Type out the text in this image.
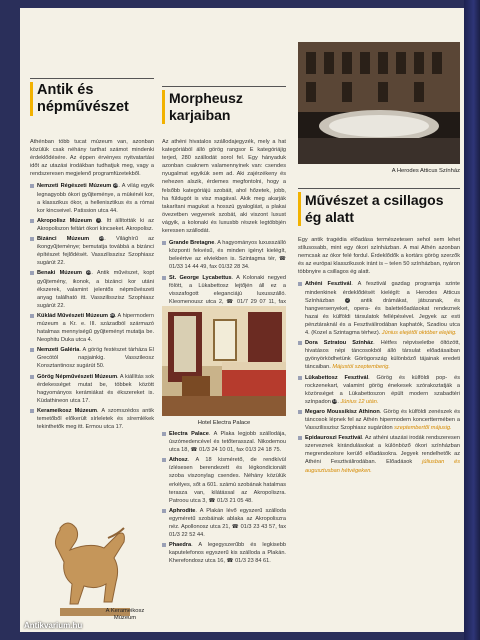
Antik és
népművészet

Athénban több tucat múzeum van, azonban közülük csak néhány tarthat számot mindenki érdeklődésére. Az éppen érvényes nyitvatartási időt az utazási irodákban tudhatjuk meg, vagy a rendszeresen megjelenő programfüzetekből.

Nemzeti Régészeti Múzeum 25. A világ egyik legnagyobb ókori gyűjteménye, a mükénéi kor, a klasszikus ókor, a hellenisztikus és a római kor kincseivel. Patission utca 44.
Akropolisz Múzeum 3. Itt állították ki az Akropoliszon feltárt ókori kincseket. Akropolisz.
Bizánci Múzeum	24. Világhírű az ikongyűjteménye; bemutatja továbbá a bizánci építészet fejlődését. Vasszilisszisz Szophiasz sugárút 22.
Benaki Múzeum 23. Antik művészet, kopt gyűjtemény, ikonok, a bizánci kor utáni ékszerek, valamint jelentős népművészeti anyag található itt. Vasszilisszisz Szophiasz sugárút 22.
Küklád Művészeti Múzeum 26. A hipermodern múzeum a Kr. e. III. századból származó hatalmas mennyiségű gyűjteményt mutatja be. Neophitu Duka utca 4.
Nemzeti Galéria. A görög festészet tárháza El Grecótól napjainkig. Vasszileosz Konsztantinosz sugárút 50.
Görög Népművészeti Múzeum. A kiállítás sok érdekességet mutat be, többek között hagyományos kerámiákat és ékszereket is. Küdathineon utca 17.
Kerameikosz Múzeum. A szomszédos antik temetőből előkerült sírleletek és síremlékek tekinthetők meg itt. Ermou utca 17.
A Kerameikosz
Múzeum
Morpheusz karjaiban

Az athéni hivatalos szállodajegyzék, mely a hat kategóriából álló görög rangsor E kategóriájig terjed, 280 szállodát sorol fel. Egy hányaduk azonban csaknem valamennyinek van: csendes nyugalmat egyikük sem ad. Aki zajérzékeny és nehezen alszik, érdemes megfontolni, hogy a felsőbb kategóriájú szobáit, ahol hőzetek, jobb, ha füldugót is visz magával. Akik meg akarják takarítani magukat a hosszú gyaloglást, a plakai övezetben vegyenek szobát, aki viszont luxust vágyik, a kolonaki és luxusbb részek legtöbbjén keressen szállodát.

Grande Bretagne. A hagyományos luxusszálló központi fekvésű, és minden igényt kielégít, beleértve az elviekben is. Szintagma tér, ☎ 01/33 14 44 49, fax 01/32 28 34.
St. George Lycabettus. A Kolonaki negyed fölött, a Lükabettosz lejtőjén áll ez a visszafogott eleganciájú luxusszálló. Kleomenousz utca 2, ☎ 01/7 29 07 11, fax
Hotel Electra Palace
Electra Palace. A Plaka legjobb szállodája, úszómedencével és tetőterasszal. Nikodemou utca 18, ☎ 01/3 24 10 01, fax 01/3 24 18 75.
Athosz. A 18 kismérető, de rendkívül ízlésesen berendezett és légkondicionált szoba viszonylag csendes. Néhány közülük erkélyes, sőt a 601. számú szobának hatalmas terasza van, kilátással az Akropoliszra. Patroou utca 3, ☎ 01/3 21 05 48.
Aphrodite. A Plakán lévő egyszerű szálloda egyméretű szobáinak ablaka az Akropoliszra néz. Apollonosz utca 21, ☎ 01/3 23 43 57, fax 01/3 22 52 44.
Phaedra. A legegyszerűbb és legkisebb kaputelefonos egyszerű kis szálloda a Plakán. Kherefondosz utca 16, ☎ 01/3 23 84 61.
A Herodes Atticus Színház
Művészet a csillagos
ég alatt

Egy antik tragédia előadása természetesen sehol sem lehet stílusosabb, mint egy ókori színházban. A mai Athén azonban nemcsak az ókor felé fordul. Érdeklődők a kortárs görög szerzők és az európai klasszikusok iránt is – telen 50 színházban, nyáron többnyire a csillagos ég alatt.

Athéni Fesztivál. A fesztivál gazdag programja szinte mindenkinek érdeklődését kielégít: a Herodes Atticus Színházban 2 antik drámákat, játszanak, és hangversenyeket, opera- és balettelőadásokat rendeznek hazai és külföldi társulatok fellépésével. Jegyek az esti pénztáraknál és a Fesztiválirodában kaphatók, Szadiou utca 4. (Kozel a Szintagma térhez). Június elejétől október elejéig.
Dora Sztratou Színház. Hétfes népviseletbe öltözött, hivatásos népi táncosokból álló társulat előadásaiban gyönyörködhetünk Görögország különböző tájainak eredeti táncaiban. Májustól szeptemberig.
Lükabettosz Fesztivál. Görög és külföldi pop- és rockzenekart, valamint görög énekesek szórakoztatják a közönséget a Lükabettoszon épült modern szabadtéri színpadon 15. Június 12 után.
Megaro Moussikisz Athinon. Görög és külföldi zenészek és táncosok lépnek fel az Athén hipermodern koncerttermében a Vasszilisszisz Szophiasz sugárúton szeptembertől májusig.
Epidauroszi Fesztivál. Az athéni utazási irodák rendszeresen szerveznek kirándulásokat a különböző ókori színházban megrendezésre kerülő előadásokra. Jegyek rendelhetők az Athéni Fesztiválirodában. Előadások júliusban és augusztusban hétvégeken.
Antikvarium.hu
